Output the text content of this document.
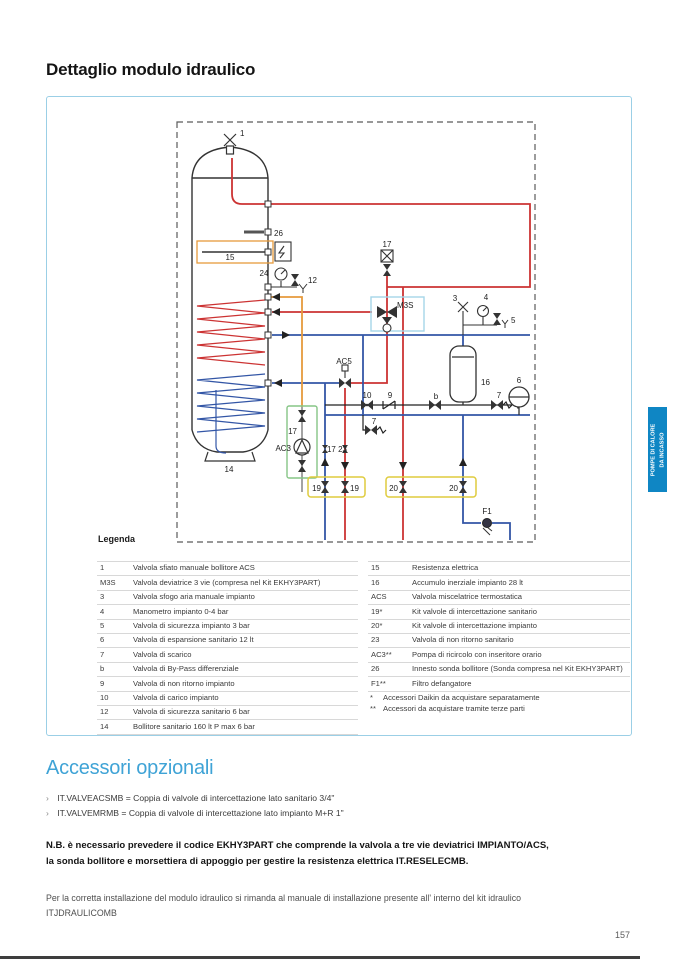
Dettaglio modulo idraulico
1
14
AC3
17
26
15
24
12
17
M3S
3	4
5
AC5
10 9	b	7
7
16	6
17 23
19	19	20	20
F1
Legenda
1	Valvola sfiato manuale bollitore ACS
M3S	Valvola deviatrice 3 vie (compresa nel Kit EKHY3PART)
3	Valvola sfogo aria manuale impianto
4	Manometro impianto 0-4 bar
5	Valvola di sicurezza impianto 3 bar
6	Valvola di espansione sanitario 12 lt
7	Valvola di scarico
b	Valvola di By-Pass differenziale
9	Valvola di non ritorno impianto
10	Valvola di carico impianto
12	Valvola di sicurezza sanitario 6 bar
14	Bollitore sanitario 160 lt P max 6 bar
15	Resistenza elettrica
16	Accumulo inerziale impianto 28 lt
ACS	Valvola miscelatrice termostatica
19*	Kit valvole di intercettazione sanitario
20*	Kit valvole di intercettazione impianto
23	Valvola di non ritorno sanitario
AC3**	Pompa di ricircolo con inseritore orario
26	Innesto sonda bollitore (Sonda compresa nel Kit EKHY3PART)
F1**	Filtro defangatore
*	Accessori Daikin da acquistare separatamente
** Accessori da acquistare tramite terze parti
POMPE DI CALORE DA INCASSO
Accessori opzionali
› IT.VALVEACSMB = Coppia di valvole di intercettazione lato sanitario 3/4"
› IT.VALVEMRMB = Coppia di valvole di intercettazione lato impianto M+R 1"
N.B. è necessario prevedere il codice EKHY3PART che comprende la valvola a tre vie deviatrici IMPIANTO/ACS, la sonda bollitore e morsettiera di appoggio per gestire la resistenza elettrica IT.RESELECMB.
Per la corretta installazione del modulo idraulico si rimanda al manuale di installazione presente all' interno del kit idraulico ITJDRAULICOMB
157
